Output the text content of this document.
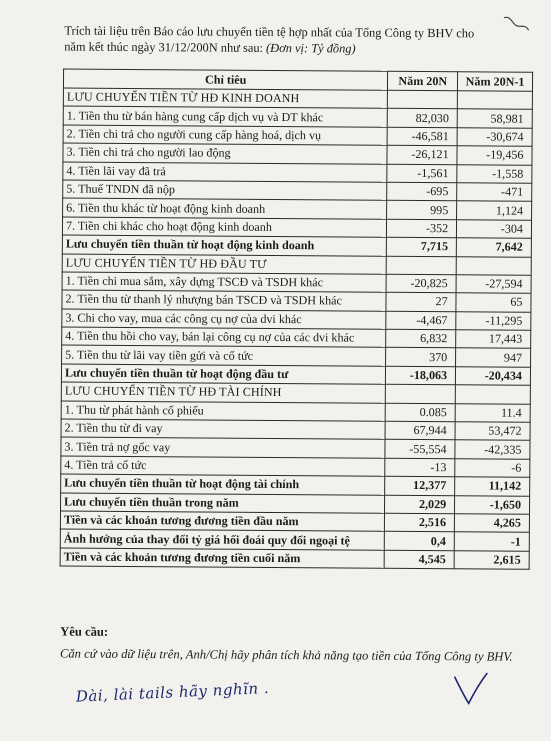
Trích tài liệu trên Báo cáo lưu chuyển tiền tệ hợp nhất của Tổng Công ty BHV cho
năm kết thúc ngày 31/12/200N như sau: (Đơn vị: Tỷ đồng)
Chỉ tiêu	Năm 20N	Năm 20N-1
LƯU CHUYỂN TIỀN TỪ HĐ KINH DOANH		
1. Tiền thu từ bán hàng cung cấp dịch vụ và DT khác	82,030	58,981
2. Tiền chi trả cho người cung cấp hàng hoá, dịch vụ	-46,581	-30,674
3. Tiền chi trả cho người lao động	-26,121	-19,456
4. Tiền lãi vay đã trả	-1,561	-1,558
5. Thuế TNDN đã nộp	-695	-471
6. Tiền thu khác từ hoạt động kinh doanh	995	1,124
7. Tiền chi khác cho hoạt động kinh doanh	-352	-304
Lưu chuyển tiền thuần từ hoạt động kinh doanh	7,715	7,642
LƯU CHUYỂN TIỀN TỪ HĐ ĐẦU TƯ		
1. Tiền chi mua sắm, xây dựng TSCĐ và TSDH khác	-20,825	-27,594
2. Tiền thu từ thanh lý nhượng bán TSCĐ và TSDH khác	27	65
3. Chi cho vay, mua các công cụ nợ của dvi khác	-4,467	-11,295
4. Tiền thu hồi cho vay, bán lại công cụ nợ của các dvi khác	6,832	17,443
5. Tiền thu từ lãi vay tiền gửi và cổ tức	370	947
Lưu chuyển tiền thuần từ hoạt động đầu tư	-18,063	-20,434
LƯU CHUYỂN TIỀN TỪ HĐ TÀI CHÍNH		
1. Thu từ phát hành cổ phiếu	0.085	11.4
2. Tiền thu từ đi vay	67,944	53,472
3. Tiền trả nợ gốc vay	-55,554	-42,335
4. Tiền trả cổ tức	-13	-6
Lưu chuyển tiền thuần từ hoạt động tài chính	12,377	11,142
Lưu chuyển tiền thuần trong năm	2,029	-1,650
Tiền và các khoản tương đương tiền đầu năm	2,516	4,265
Ảnh hưởng của thay đổi tỷ giá hối đoái quy đổi ngoại tệ	0,4	-1
Tiền và các khoản tương đương tiền cuối năm	4,545	2,615
Yêu cầu:
Căn cứ vào dữ liệu trên, Anh/Chị hãy phân tích khả năng tạo tiền của Tổng Công ty BHV.
Dài, lài tails hãy nghĩn .
